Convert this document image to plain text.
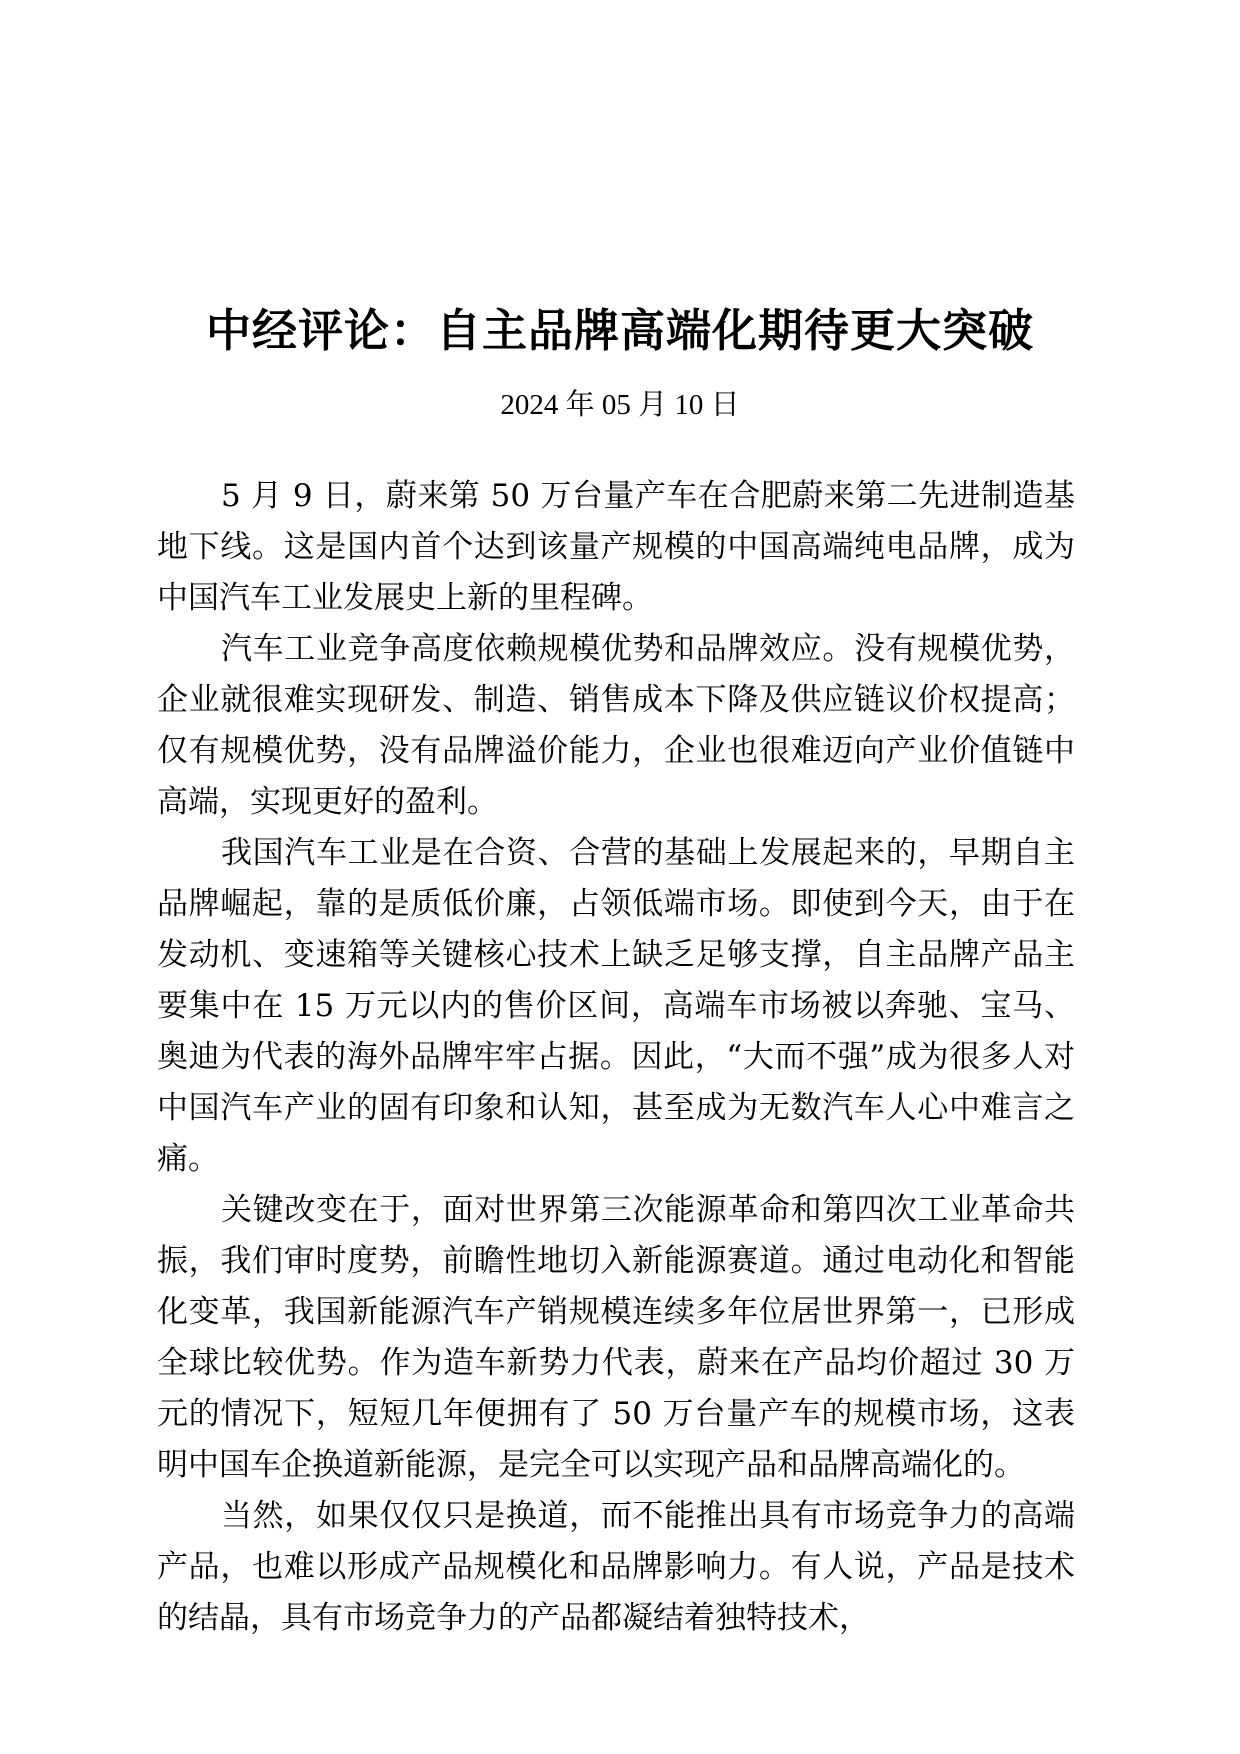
中经评论：自主品牌高端化期待更大突破
2024 年 05 月 10 日

5 月 9 日，蔚来第 50 万台量产车在合肥蔚来第二先进制造基地下线。这是国内首个达到该量产规模的中国高端纯电品牌，成为中国汽车工业发展史上新的里程碑。

汽车工业竞争高度依赖规模优势和品牌效应。没有规模优势，企业就很难实现研发、制造、销售成本下降及供应链议价权提高；仅有规模优势，没有品牌溢价能力，企业也很难迈向产业价值链中高端，实现更好的盈利。

我国汽车工业是在合资、合营的基础上发展起来的，早期自主品牌崛起，靠的是质低价廉，占领低端市场。即使到今天，由于在发动机、变速箱等关键核心技术上缺乏足够支撑，自主品牌产品主要集中在 15 万元以内的售价区间，高端车市场被以奔驰、宝马、奥迪为代表的海外品牌牢牢占据。因此，“大而不强”成为很多人对中国汽车产业的固有印象和认知，甚至成为无数汽车人心中难言之痛。

关键改变在于，面对世界第三次能源革命和第四次工业革命共振，我们审时度势，前瞻性地切入新能源赛道。通过电动化和智能化变革，我国新能源汽车产销规模连续多年位居世界第一，已形成全球比较优势。作为造车新势力代表，蔚来在产品均价超过 30 万元的情况下，短短几年便拥有了 50 万台量产车的规模市场，这表明中国车企换道新能源，是完全可以实现产品和品牌高端化的。

当然，如果仅仅只是换道，而不能推出具有市场竞争力的高端产品，也难以形成产品规模化和品牌影响力。有人说，产品是技术的结晶，具有市场竞争力的产品都凝结着独特技术，
